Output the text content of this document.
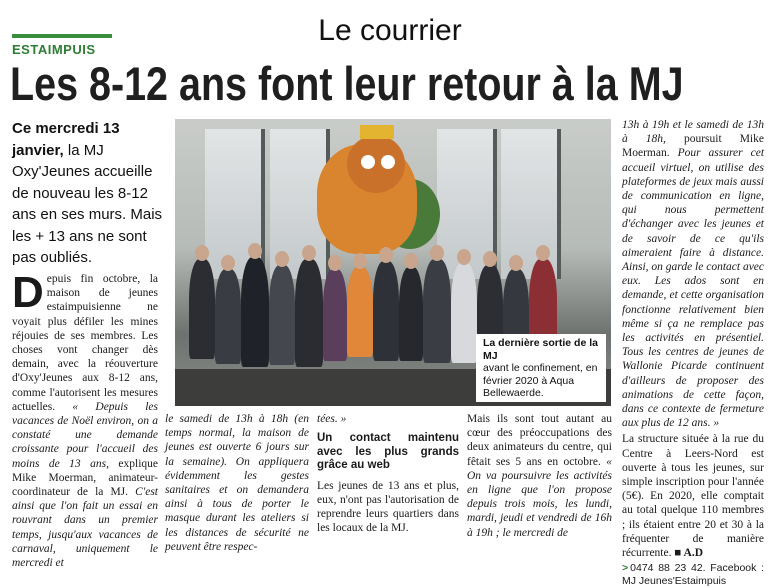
Le courrier
ESTAIMPUIS
Les 8-12 ans font leur retour à la MJ
Ce mercredi 13 janvier, la MJ Oxy'Jeunes accueille de nouveau les 8-12 ans en ses murs. Mais les + 13 ans ne sont pas oubliés.
La dernière sortie de la MJ
avant le confinement, en février 2020 à Aqua Bellewaerde.
Depuis fin octobre, la maison de jeunes estaimpuisienne ne voyait plus défiler les mines réjouies de ses membres. Les choses vont changer dès demain, avec la réouverture d'Oxy'Jeunes aux 8-12 ans, comme l'autorisent les mesures actuelles. « Depuis les vacances de Noël environ, on a constaté une demande croissante pour l'accueil des moins de 13 ans, explique Mike Moerman, animateur-coordinateur de la MJ. C'est ainsi que l'on fait un essai en rouvrant dans un premier temps, jusqu'aux vacances de carnaval, uniquement le mercredi et
le samedi de 13h à 18h (en temps normal, la maison de jeunes est ouverte 6 jours sur la semaine). On appliquera évidemment les gestes sanitaires et on demandera ainsi à tous de porter le masque durant les ateliers si les distances de sécurité ne peuvent être respec-
tées. »
Un contact maintenu avec les plus grands grâce au web

Les jeunes de 13 ans et plus, eux, n'ont pas l'autorisation de reprendre leurs quartiers dans les locaux de la MJ.

Mais ils sont tout autant au cœur des préoccupations des deux animateurs du centre, qui fêtait ses 5 ans en octobre. « On va poursuivre les activités en ligne que l'on propose depuis trois mois, les lundi, mardi, jeudi et vendredi de 16h à 19h ; le mercredi de
13h à 19h et le samedi de 13h à 18h, poursuit Mike Moerman. Pour assurer cet accueil virtuel, on utilise des plateformes de jeux mais aussi de communication en ligne, qui nous permettent d'échanger avec les jeunes et de savoir de ce qu'ils aimeraient faire à distance. Ainsi, on garde le contact avec eux. Les ados sont en demande, et cette organisation fonctionne relativement bien même si ça ne remplace pas les activités en présentiel. Tous les centres de jeunes de Wallonie Picarde continuent d'ailleurs de proposer des animations de cette façon, dans ce contexte de fermeture aux plus de 12 ans. »

La structure située à la rue du Centre à Leers-Nord est ouverte à tous les jeunes, sur simple inscription pour l'année (5€). En 2020, elle comptait au total quelque 110 membres ; ils étaient entre 20 et 30 à la fréquenter de manière récurrente. ■ A.D

> 0474 88 23 42. Facebook : MJ Jeunes'Estaimpuis
